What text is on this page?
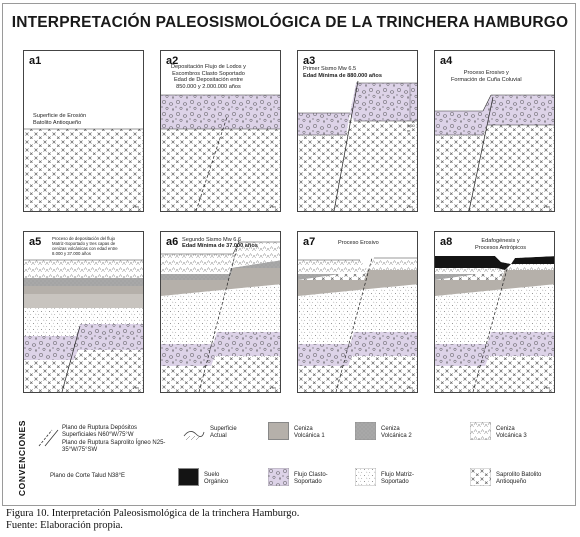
INTERPRETACIÓN PALEOSISMOLÓGICA DE LA TRINCHERA HAMBURGO
a1
Superficie de Erosión
Batolito Antioqueño
1 m
a2
Depositación Flujo de Lodos y
Escombros Clasto Soportado
Edad de Depositación entre
850.000 y 2.000.000 años
1 m
a3
Primer Sismo Mw 6.5
Edad Mínima de 880.000 años
0.60 m
1 m
a4
Proceso Erosivo y
Formación de Cuña Coluvial
1 m
a5	Proceso de depositación del flujo
Matriz-Soportado y tres capas de
cenizas volcánicas con edad entre
8.000 y 37.000 años
1 m
a6 Segundo Sismo Mw 6.6
Edad Mínima de 37.000 años
1 m
a7	Proceso Erosivo
1 m
a8	Edafogénesis y
Procesos Antrópicos
1 m
CONVENCIONES	Plano de Ruptura Depósitos Superficiales N60°W/75°W
Plano de Ruptura Saprolito Ígneo N25-35°W/75°SW
Plano de Corte Talud N38°E
Superficie
Actual
Ceniza
Volcánica 1
Ceniza
Volcánica 2
Ceniza
Volcánica 3
Suelo
Orgánico
Flujo Clasto-
Soportado
Flujo Matriz-
Soportado
Saprolito Batolito
Antioqueño
Figura 10. Interpretación Paleosismológica de la trinchera Hamburgo.
Fuente: Elaboración propia.
